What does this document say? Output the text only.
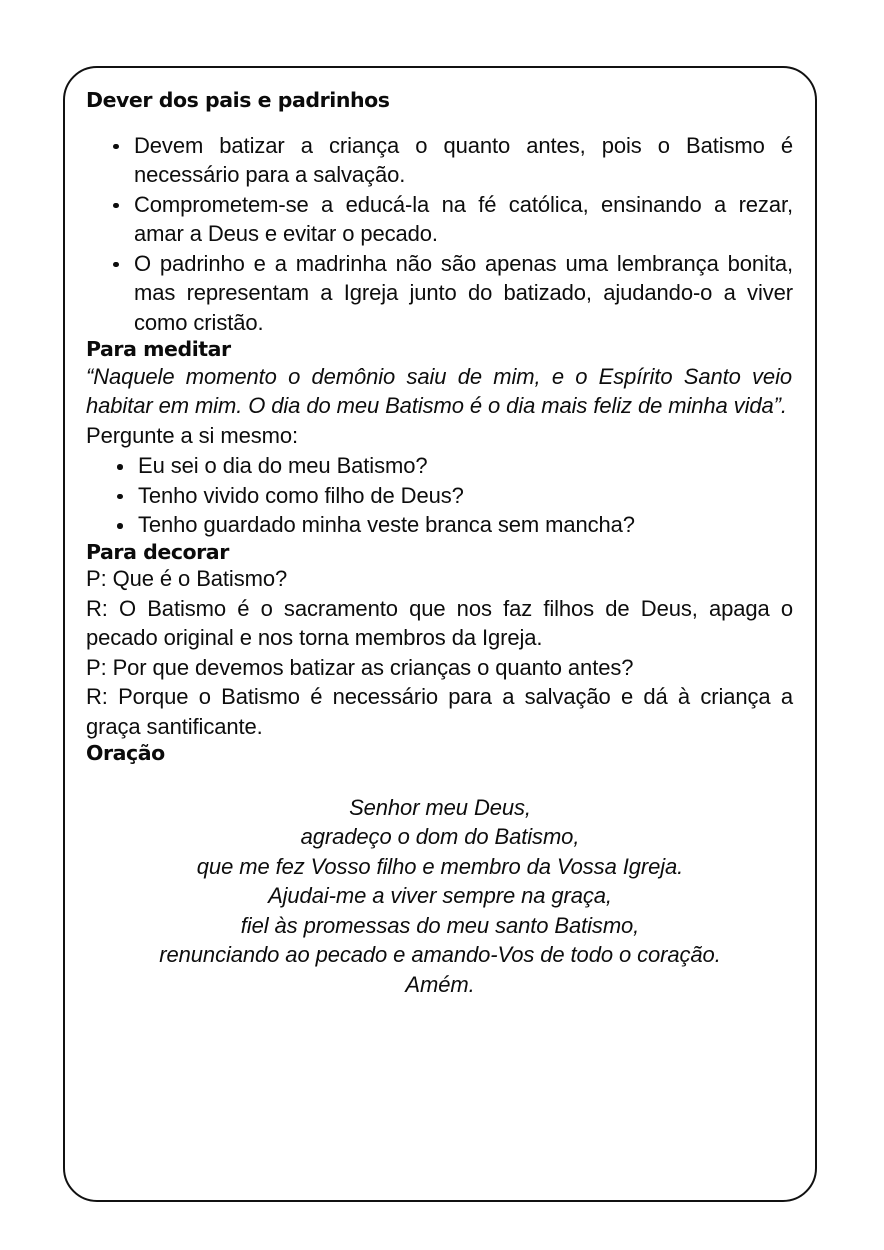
Dever dos pais e padrinhos
Devem batizar a criança o quanto antes, pois o Batismo é necessário para a salvação.
Comprometem-se a educá-la na fé católica, ensinando a rezar, amar a Deus e evitar o pecado.
O padrinho e a madrinha não são apenas uma lembrança bonita, mas representam a Igreja junto do batizado, ajudando-o a viver como cristão.
Para meditar

“Naquele momento o demônio saiu de mim, e o Espírito Santo veio habitar em mim. O dia do meu Batismo é o dia mais feliz de minha vida”.

Pergunte a si mesmo:

Eu sei o dia do meu Batismo?
Tenho vivido como filho de Deus?
Tenho guardado minha veste branca sem mancha?
Para decorar

P: Que é o Batismo?
R: O Batismo é o sacramento que nos faz filhos de Deus, apaga o pecado original e nos torna membros da Igreja.
P: Por que devemos batizar as crianças o quanto antes?
R: Porque o Batismo é necessário para a salvação e dá à criança a graça santificante.

Oração
Senhor meu Deus,
agradeço o dom do Batismo,
que me fez Vosso filho e membro da Vossa Igreja.
Ajudai-me a viver sempre na graça,
fiel às promessas do meu santo Batismo,
renunciando ao pecado e amando-Vos de todo o coração.
Amém.
